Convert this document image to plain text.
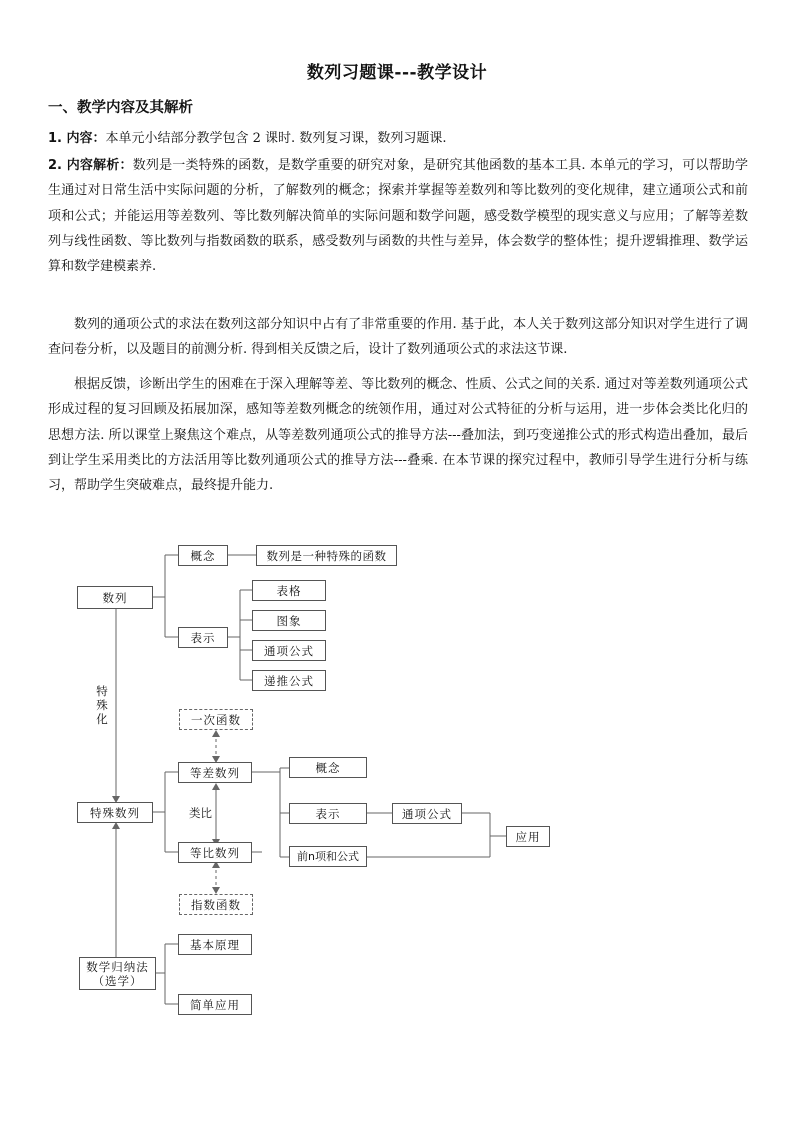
数列习题课---教学设计
一、教学内容及其解析
1. 内容：本单元小结部分教学包含 2 课时. 数列复习课，数列习题课.
2. 内容解析：数列是一类特殊的函数，是数学重要的研究对象，是研究其他函数的基本工具. 本单元的学习，可以帮助学生通过对日常生活中实际问题的分析，了解数列的概念；探索并掌握等差数列和等比数列的变化规律，建立通项公式和前项和公式；并能运用等差数列、等比数列解决简单的实际问题和数学问题，感受数学模型的现实意义与应用；了解等差数列与线性函数、等比数列与指数函数的联系，感受数列与函数的共性与差异，体会数学的整体性；提升逻辑推理、数学运算和数学建模素养.
数列的通项公式的求法在数列这部分知识中占有了非常重要的作用. 基于此，本人关于数列这部分知识对学生进行了调查问卷分析，以及题目的前测分析. 得到相关反馈之后，设计了数列通项公式的求法这节课.
根据反馈，诊断出学生的困难在于深入理解等差、等比数列的概念、性质、公式之间的关系. 通过对等差数列通项公式形成过程的复习回顾及拓展加深，感知等差数列概念的统领作用，通过对公式特征的分析与运用，进一步体会类比化归的思想方法. 所以课堂上聚焦这个难点，从等差数列通项公式的推导方法---叠加法，到巧变递推公式的形式构造出叠加，最后到让学生采用类比的方法活用等比数列通项公式的推导方法---叠乘. 在本节课的探究过程中，教师引导学生进行分析与练习，帮助学生突破难点，最终提升能力.
数列
概念	数列是一种特殊的函数
表示
表格
图象
通项公式
递推公式
特殊化
特殊数列
一次函数
等差数列
类比
等比数列
指数函数
概念
表示	通项公式
前n项和公式
应用
数学归纳法（选学）
基本原理
简单应用
